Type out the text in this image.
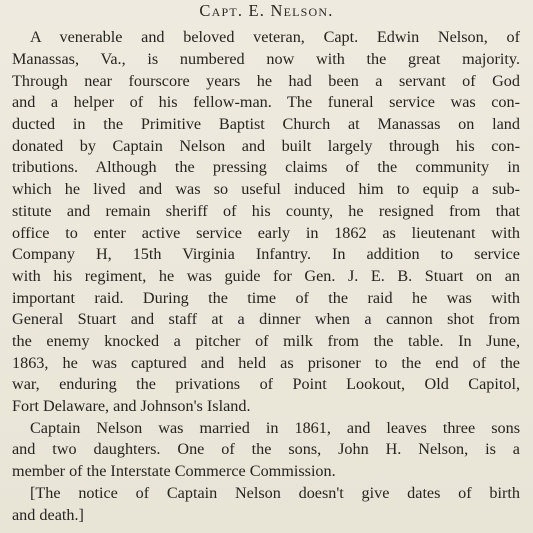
Capt. E. Nelson.
A venerable and beloved veteran, Capt. Edwin Nelson, of
Manassas, Va., is numbered now with the great majority.
Through near fourscore years he had been a servant of God
and a helper of his fellow-man. The funeral service was con-
ducted in the Primitive Baptist Church at Manassas on land
donated by Captain Nelson and built largely through his con-
tributions. Although the pressing claims of the community in
which he lived and was so useful induced him to equip a sub-
stitute and remain sheriff of his county, he resigned from that
office to enter active service early in 1862 as lieutenant with
Company H, 15th Virginia Infantry. In addition to service
with his regiment, he was guide for Gen. J. E. B. Stuart on an
important raid. During the time of the raid he was with
General Stuart and staff at a dinner when a cannon shot from
the enemy knocked a pitcher of milk from the table. In June,
1863, he was captured and held as prisoner to the end of the
war, enduring the privations of Point Lookout, Old Capitol,
Fort Delaware, and Johnson's Island.
Captain Nelson was married in 1861, and leaves three sons
and two daughters. One of the sons, John H. Nelson, is a
member of the Interstate Commerce Commission.
[The notice of Captain Nelson doesn't give dates of birth
and death.]
